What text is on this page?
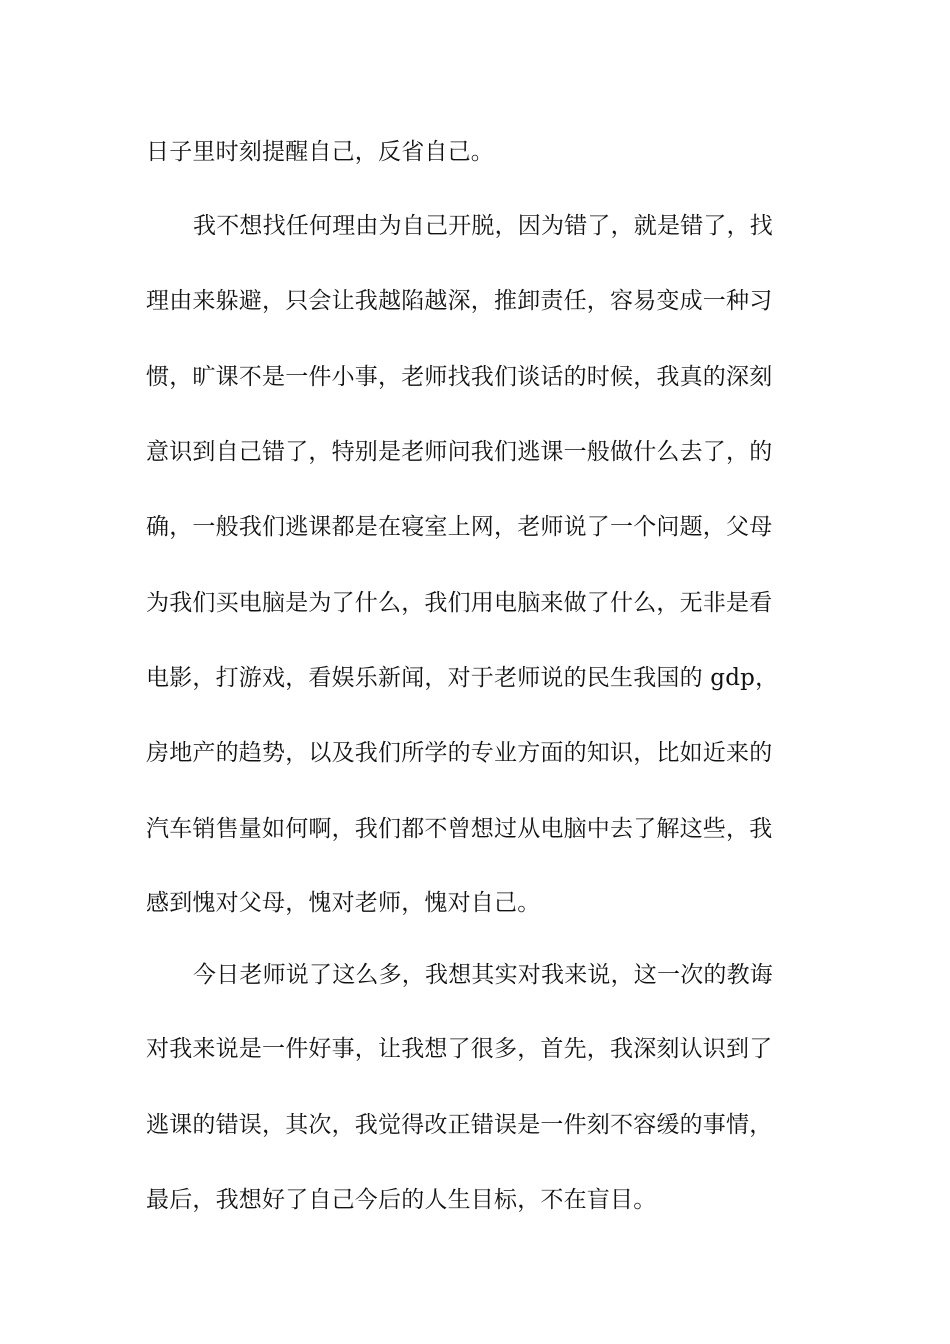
日子里时刻提醒自己，反省自己。
我不想找任何理由为自己开脱，因为错了，就是错了，找
理由来躲避，只会让我越陷越深，推卸责任，容易变成一种习
惯，旷课不是一件小事，老师找我们谈话的时候，我真的深刻
意识到自己错了，特别是老师问我们逃课一般做什么去了，的
确，一般我们逃课都是在寝室上网，老师说了一个问题，父母
为我们买电脑是为了什么，我们用电脑来做了什么，无非是看
电影，打游戏，看娱乐新闻，对于老师说的民生我国的 gdp，
房地产的趋势，以及我们所学的专业方面的知识，比如近来的
汽车销售量如何啊，我们都不曾想过从电脑中去了解这些，我
感到愧对父母，愧对老师，愧对自己。
今日老师说了这么多，我想其实对我来说，这一次的教诲
对我来说是一件好事，让我想了很多，首先，我深刻认识到了
逃课的错误，其次，我觉得改正错误是一件刻不容缓的事情，
最后，我想好了自己今后的人生目标，不在盲目。
